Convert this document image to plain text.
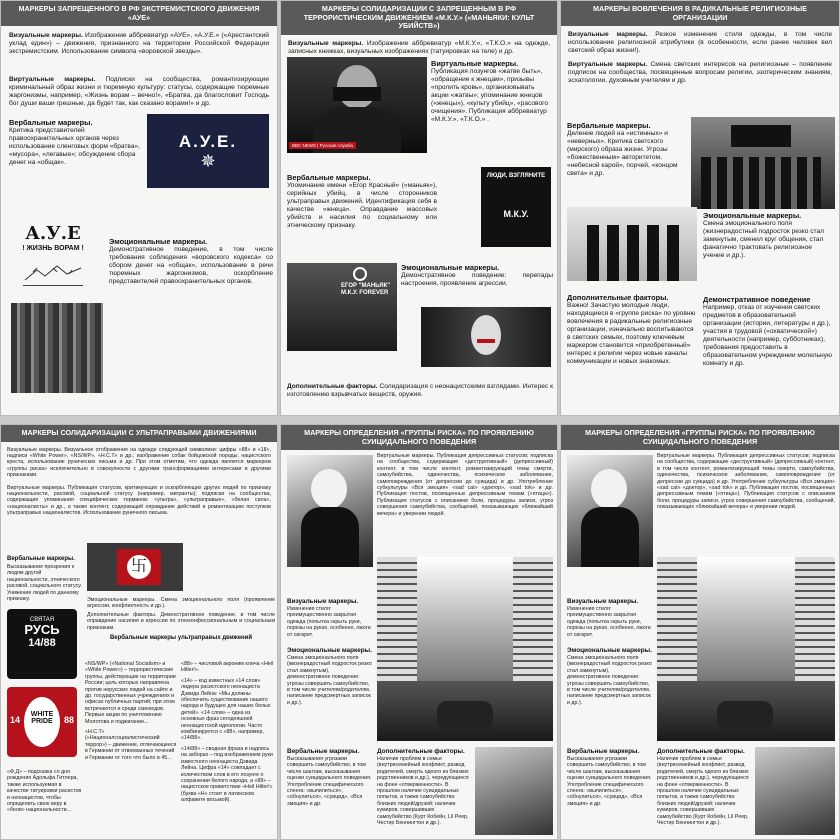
МАРКЕРЫ ЗАПРЕЩЕННОГО В РФ ЭКСТРЕМИСТСКОГО ДВИЖЕНИЯ «АУЕ»

Визуальные маркеры. Изображение аббревиатур «АУЕ», «А.У.Е.» («Арестантский уклад един») – движения, признанного на территории Российской Федерации экстремистским. Использование символа «воровской звезды».

Виртуальные маркеры. Подписки на сообщества, романтизирующие криминальный образ жизни и тюремную культуру: статусы, содержащие тюремные жаргонизмы, например, «Жизнь ворам – вечно!», «Братва, да благословит Господь бог души ваши грешные, да будет так, как сказано ворами!» и др.

Вербальные маркеры.

Критика представителей правоохранительных органов через использование сленговых форм «братва», «мусора», «легавые»; обсуждение сбора денег на «общак».

А.У.Е.
✵
А.У.Е
! ЖИЗНЬ ВОРАМ !

Эмоциональные маркеры.

Демонстративное поведение, в том числе требования соблюдения «воровского кодекса» со сбором денег на «общак», использование в речи тюремных жаргонизмов, оскорбление представителей правоохранительных органов.

МАРКЕРЫ СОЛИДАРИЗАЦИИ С ЗАПРЕЩЕННЫМ В РФ ТЕРРОРИСТИЧЕСКИМ ДВИЖЕНИЕМ «М.К.У.» («МАНЬЯКИ: КУЛЬТ УБИЙСТВ»)

Визуальные маркеры. Изображение аббревиатур «М.К.У.», «Т.К.О.» на одежде, записных книжках, визуальных изображениях (татуировках на теле) и др.

BBC NEWS | Русская служба

Виртуальные маркеры.

Публикация лозунгов «жатве быть», «обращение к жнецам», призывы «пролить кровь», организовывать акции «жатвы»; упоминание жнецов («жнецы»), «культу убийц», «расового очищения». Публикация аббревиатур «М.К.У.», «Т.К.О.» .

Вербальные маркеры.

Упоминание имени «Егор Красный» («маньяк»), серийных убийц, в числе сторонников ультраправых движений. Идентификация себя в качестве «жнеца». Оправдание массовых убийств и насилия по социальному или этническому признаку.

ЛЮДИ, ВЗГЛЯНИТЕ
М.К.У.
ЕГОР "МАНЬЯК" М.К.У. FOREVER

Эмоциональные маркеры.

Демонстративное поведение: перепады настроения, проявление агрессии.

Дополнительные факторы. Солидаризация с неонацистскими взглядами. Интерес к изготовлению взрывчатых веществ, оружия.

МАРКЕРЫ ВОВЛЕЧЕНИЯ В РАДИКАЛЬНЫЕ РЕЛИГИОЗНЫЕ ОРГАНИЗАЦИИ

Визуальные маркеры. Резкое изменение стиля одежды, в том числе использование религиозной атрибутики (в особенности, если ранее человек вел светский образ жизни!).

Виртуальные маркеры. Смена светских интересов на религиозные – появление подписок на сообщества, посвященные вопросам религии, эзотерическим знаниям, эсхатологии, духовным учителям и др.

Вербальные маркеры.

Деление людей на «истинных» и «неверных». Критика светского (мирского) образа жизни. Угрозы «божественным» авторитетом, «небесной карой», порчей, «концом света» и др.

Эмоциональные маркеры.

Смена эмоционального поля (жизнерадостный подросток резко стал замкнутым, сменил круг общения, стал фанатично трактовать религиозное учение и др.).

Дополнительные факторы.

Важно! Зачастую молодые люди, находящиеся в «группе риска» по уровню вовлечения в радикальные религиозные организации, изначально воспитываются в светских семьях, поэтому ключевым маркером становится «приобретенный» интерес к религии через новые каналы коммуникации и новых знакомых.

Демонстративное поведение

Например, отказ от изучения светских предметов в образовательной организации (истории, литературы и др.), участия в трудовой («охватической») деятельности (например, субботниках), требования предоставить в образовательном учреждении молельную комнату и др.

МАРКЕРЫ СОЛИДАРИЗАЦИИ С УЛЬТРАПРАВЫМИ ДВИЖЕНИЯМИ

Визуальные маркеры. Визуальное отображение на одежде следующей символики: цифры «88» и «18», надписи «White Power», «NS/WP», «Н.С.Т» и др.; изображение собак бойцовской породы, нацистского креста, использование рунических письма и др. При этом отметим, что одежда является маркером «группы риска» исключительно в совокупности с другими трансформациями интересами и другими признаками.

Виртуальные маркеры. Публикация статусов, критикующих и оскорбляющих других людей по признаку национальности, расовой, социальной статусу (например, мигранты); подписки на сообщества, содержащие упоминания специфических терминов: «ультра», «ультраправые», «белая сила», «националисты» и др., а также контент, содержащий оправдание действий и романтизацию поступков ультраправых националистов. Использование руничного письма.

Вербальные маркеры.

Высказывание презрения к людям другой национальности, этнического расовой, социального статусу. Унижение людей по данному признаку.

卐

Эмоциональные маркеры. Смена эмоционального поля (проявление агрессии, конфликтность и др.).

Дополнительные факторы. Демонстративное поведение, в том числе оправдание насилия и агрессии по этноконфессиональным и социальным признакам.

Вербальные маркеры ультраправых движений

СВЯТАЯ
РУСЬ
14/88
14	88
WHITE
PRIDE

«NS/WP» («National Socialism» и «White Power») – террористические группы, действующие на территории России; цель которых направлена против нерусских людей на сайте и др. государственных учреждениях и офисах публичных партий; при этом встречаются и среди скинхедов. Первые акции по уничтожению Молотова и поджигание...

«Н.С.Т» («Националсоциалистический террор») – движение, отличающееся в Германии от отвоеванных течений и Германии от того что было в 45…

«Ф.Д» – подсказка со дня рождения Адольфа Гитлера, также используемая в качестве татуировки расистов и неонацистов, чтобы определить свою веру в «бели» национальности...

«88» – числовой акроним клича «Heil Hitler!».

«14» – код известных «14 слов» лидера расистского неонациста Дэвида Лейна: «Мы должны обеспечить существование нашего народа и будущее для наших белых детей». «14 слов» – одна из основных фраз сегодняшней неонацистской идеологии. Часто комбинируется с «88», например, «14/88».

«14/88» – сводная фраза и надпись на заборах – под изображением руки известного неонациста Дэвида Лейна. Цифра «14» совпадает с количеством слов в его лозунге о сохранении белого народа, а «88» – нацистское приветствие «Heil Hitler!» (буква «H» стоит в латинском алфавите восьмой).

МАРКЕРЫ ОПРЕДЕЛЕНИЯ «ГРУППЫ РИСКА» ПО ПРОЯВЛЕНИЮ СУИЦИДАЛЬНОГО ПОВЕДЕНИЯ

Виртуальные маркеры. Публикация депрессивных статусов; подписка на сообщества, содержащие «деструктивный» (депрессивный) контент, в том числе контент, романтизирующий темы смерти, самоубийства, одиночества, психическое заболевание, самоповреждения (от депрессии до суицида) и др. Употребление субкультуры «Вся эмоция» «sad cat» «доктор», «sad tok» и др. Публикация постов, посвященных депрессивным темам («птица»). Публикация статусов с описанием боли, процедуры записи, угроз совершения самоубийства, сообщений, показывающих «ближайший вечера» и уверении людей.

Визуальные маркеры.

Изменения стиля: преимущественно закрытая одежда (попытка скрыть руки, порезы на руках, особенно, ожоги от сигарет.

Эмоциональные маркеры.

Смена эмоционального поля (жизнерадостный подросток резко стал замкнутым), демонстративное поведение: угрозы совершить самоубийство, в том числе учителям/родителям, написание предсмертных записок и др.).

Вербальные маркеры.

Высказывания угрозами совершить самоубийство, в том числе шантаж, высказывания оценки суицидального поведения. Употребление специфического сленга: «выпилиться», «обнулиться», «суицид», «Вся эмоция» и др.

Дополнительные факторы.

Наличие проблем в семье (внутрисемейный конфликт, развод родителей, смерть одного из близких родственников и др.), чередующиеся на фоне «отверженности». В прошлом наличие суицидальных попыток, а также самоубийство близких людей/друзей; наличие кумиров, совершивших самоубийство (Курт Кобейн, Lil Peep, Честер Беннингтон и др.).

МАРКЕРЫ ОПРЕДЕЛЕНИЯ «ГРУППЫ РИСКА» ПО ПРОЯВЛЕНИЮ СУИЦИДАЛЬНОГО ПОВЕДЕНИЯ

Виртуальные маркеры. Публикация депрессивных статусов; подписка на сообщества, содержащие «деструктивный» (депрессивный) контент, в том числе контент, романтизирующий темы смерти, самоубийства, одиночества, психическое заболевание, самоповреждения (от депрессии до суицида) и др. Употребление субкультуры «Вся эмоция» «sad cat» «доктор», «sad tok» и др. Публикация постов, посвященных депрессивным темам («птица»). Публикация статусов с описанием боли, процедуры записи, угроз совершения самоубийства, сообщений, показывающих «ближайший вечера» и уверении людей.

Визуальные маркеры.

Изменения стиля: преимущественно закрытая одежда (попытка скрыть руки, порезы на руках, особенно, ожоги от сигарет.

Эмоциональные маркеры.

Смена эмоционального поля (жизнерадостный подросток резко стал замкнутым), демонстративное поведение: угрозы совершить самоубийство, в том числе учителям/родителям, написание предсмертных записок и др.).

Вербальные маркеры.

Высказывания угрозами совершить самоубийство, в том числе шантаж, высказывания оценки суицидального поведения. Употребление специфического сленга: «выпилиться», «обнулиться», «суицид», «Вся эмоция» и др.

Дополнительные факторы.

Наличие проблем в семье (внутрисемейный конфликт, развод родителей, смерть одного из близких родственников и др.), чередующиеся на фоне «отверженности». В прошлом наличие суицидальных попыток, а также самоубийство близких людей/друзей; наличие кумиров, совершивших самоубийство (Курт Кобейн, Lil Peep, Честер Беннингтон и др.).
